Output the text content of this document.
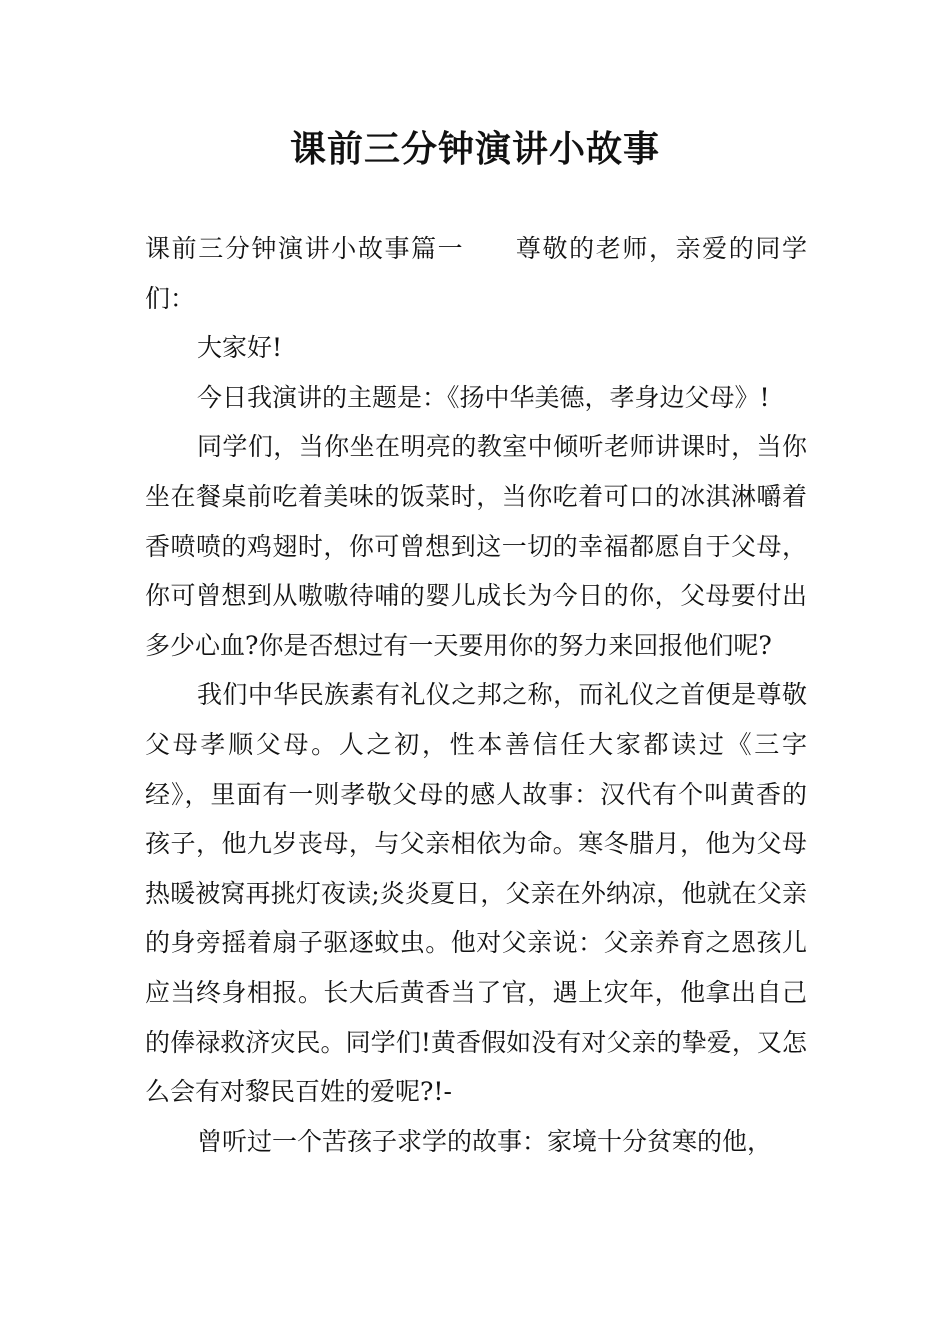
课前三分钟演讲小故事

课前三分钟演讲小故事篇一 尊敬的老师，亲爱的同学们：

大家好!

今日我演讲的主题是：《扬中华美德，孝身边父母》!

同学们，当你坐在明亮的教室中倾听老师讲课时，当你坐在餐桌前吃着美味的饭菜时，当你吃着可口的冰淇淋嚼着香喷喷的鸡翅时，你可曾想到这一切的幸福都愿自于父母，你可曾想到从嗷嗷待哺的婴儿成长为今日的你，父母要付出多少心血?你是否想过有一天要用你的努力来回报他们呢?

我们中华民族素有礼仪之邦之称，而礼仪之首便是尊敬父母孝顺父母。人之初，性本善信任大家都读过《三字经》，里面有一则孝敬父母的感人故事：汉代有个叫黄香的孩子，他九岁丧母，与父亲相依为命。寒冬腊月，他为父母热暖被窝再挑灯夜读;炎炎夏日，父亲在外纳凉，他就在父亲的身旁摇着扇子驱逐蚊虫。他对父亲说：父亲养育之恩孩儿应当终身相报。长大后黄香当了官，遇上灾年，他拿出自己的俸禄救济灾民。同学们!黄香假如没有对父亲的挚爱，又怎么会有对黎民百姓的爱呢?!-

曾听过一个苦孩子求学的故事：家境十分贫寒的他，
